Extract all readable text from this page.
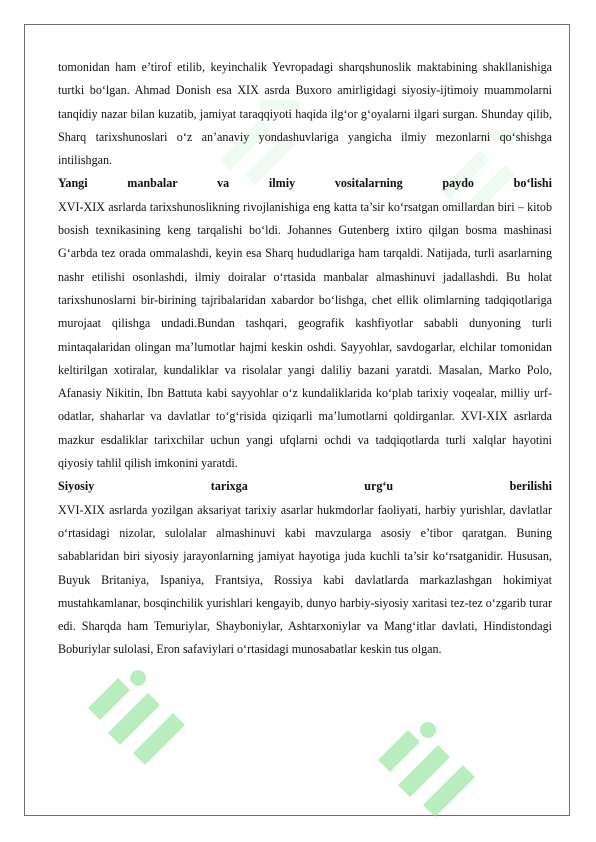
tomonidan ham e’tirof etilib, keyinchalik Yevropadagi sharqshunoslik maktabining shakllanishiga turtki bo‘lgan. Ahmad Donish esa XIX asrda Buxoro amirligidagi siyosiy-ijtimoiy muammolarni tanqidiy nazar bilan kuzatib, jamiyat taraqqiyoti haqida ilg‘or g‘oyalarni ilgari surgan. Shunday qilib, Sharq tarixshunoslari o‘z an’anaviy yondashuvlariga yangicha ilmiy mezonlarni qo‘shishga intilishgan.

Yangi manbalar va ilmiy vositalarning paydo bo‘lishi

XVI-XIX asrlarda tarixshunoslikning rivojlanishiga eng katta ta’sir ko‘rsatgan omillardan biri – kitob bosish texnikasining keng tarqalishi bo‘ldi. Johannes Gutenberg ixtiro qilgan bosma mashinasi G‘arbda tez orada ommalashdi, keyin esa Sharq hududlariga ham tarqaldi. Natijada, turli asarlarning nashr etilishi osonlashdi, ilmiy doiralar o‘rtasida manbalar almashinuvi jadallashdi. Bu holat tarixshunoslarni bir-birining tajribalaridan xabardor bo‘lishga, chet ellik olimlarning tadqiqotlariga murojaat qilishga undadi.Bundan tashqari, geografik kashfiyotlar sababli dunyoning turli mintaqalaridan olingan ma’lumotlar hajmi keskin oshdi. Sayyohlar, savdogarlar, elchilar tomonidan keltirilgan xotiralar, kundaliklar va risolalar yangi daliliy bazani yaratdi. Masalan, Marko Polo, Afanasiy Nikitin, Ibn Battuta kabi sayyohlar o‘z kundaliklarida ko‘plab tarixiy voqealar, milliy urf-odatlar, shaharlar va davlatlar to‘g‘risida qiziqarli ma’lumotlarni qoldirganlar. XVI-XIX asrlarda mazkur esdaliklar tarixchilar uchun yangi ufqlarni ochdi va tadqiqotlarda turli xalqlar hayotini qiyosiy tahlil qilish imkonini yaratdi.

Siyosiy tarixga urg‘u berilishi

XVI-XIX asrlarda yozilgan aksariyat tarixiy asarlar hukmdorlar faoliyati, harbiy yurishlar, davlatlar o‘rtasidagi nizolar, sulolalar almashinuvi kabi mavzularga asosiy e’tibor qaratgan. Buning sabablaridan biri siyosiy jarayonlarning jamiyat hayotiga juda kuchli ta’sir ko‘rsatganidir. Hususan, Buyuk Britaniya, Ispaniya, Frantsiya, Rossiya kabi davlatlarda markazlashgan hokimiyat mustahkamlanar, bosqinchilik yurishlari kengayib, dunyo harbiy-siyosiy xaritasi tez-tez o‘zgarib turar edi. Sharqda ham Temuriylar, Shayboniylar, Ashtarxoniylar va Mang‘itlar davlati, Hindistondagi Boburiylar sulolasi, Eron safaviylari o‘rtasidagi munosabatlar keskin tus olgan.
